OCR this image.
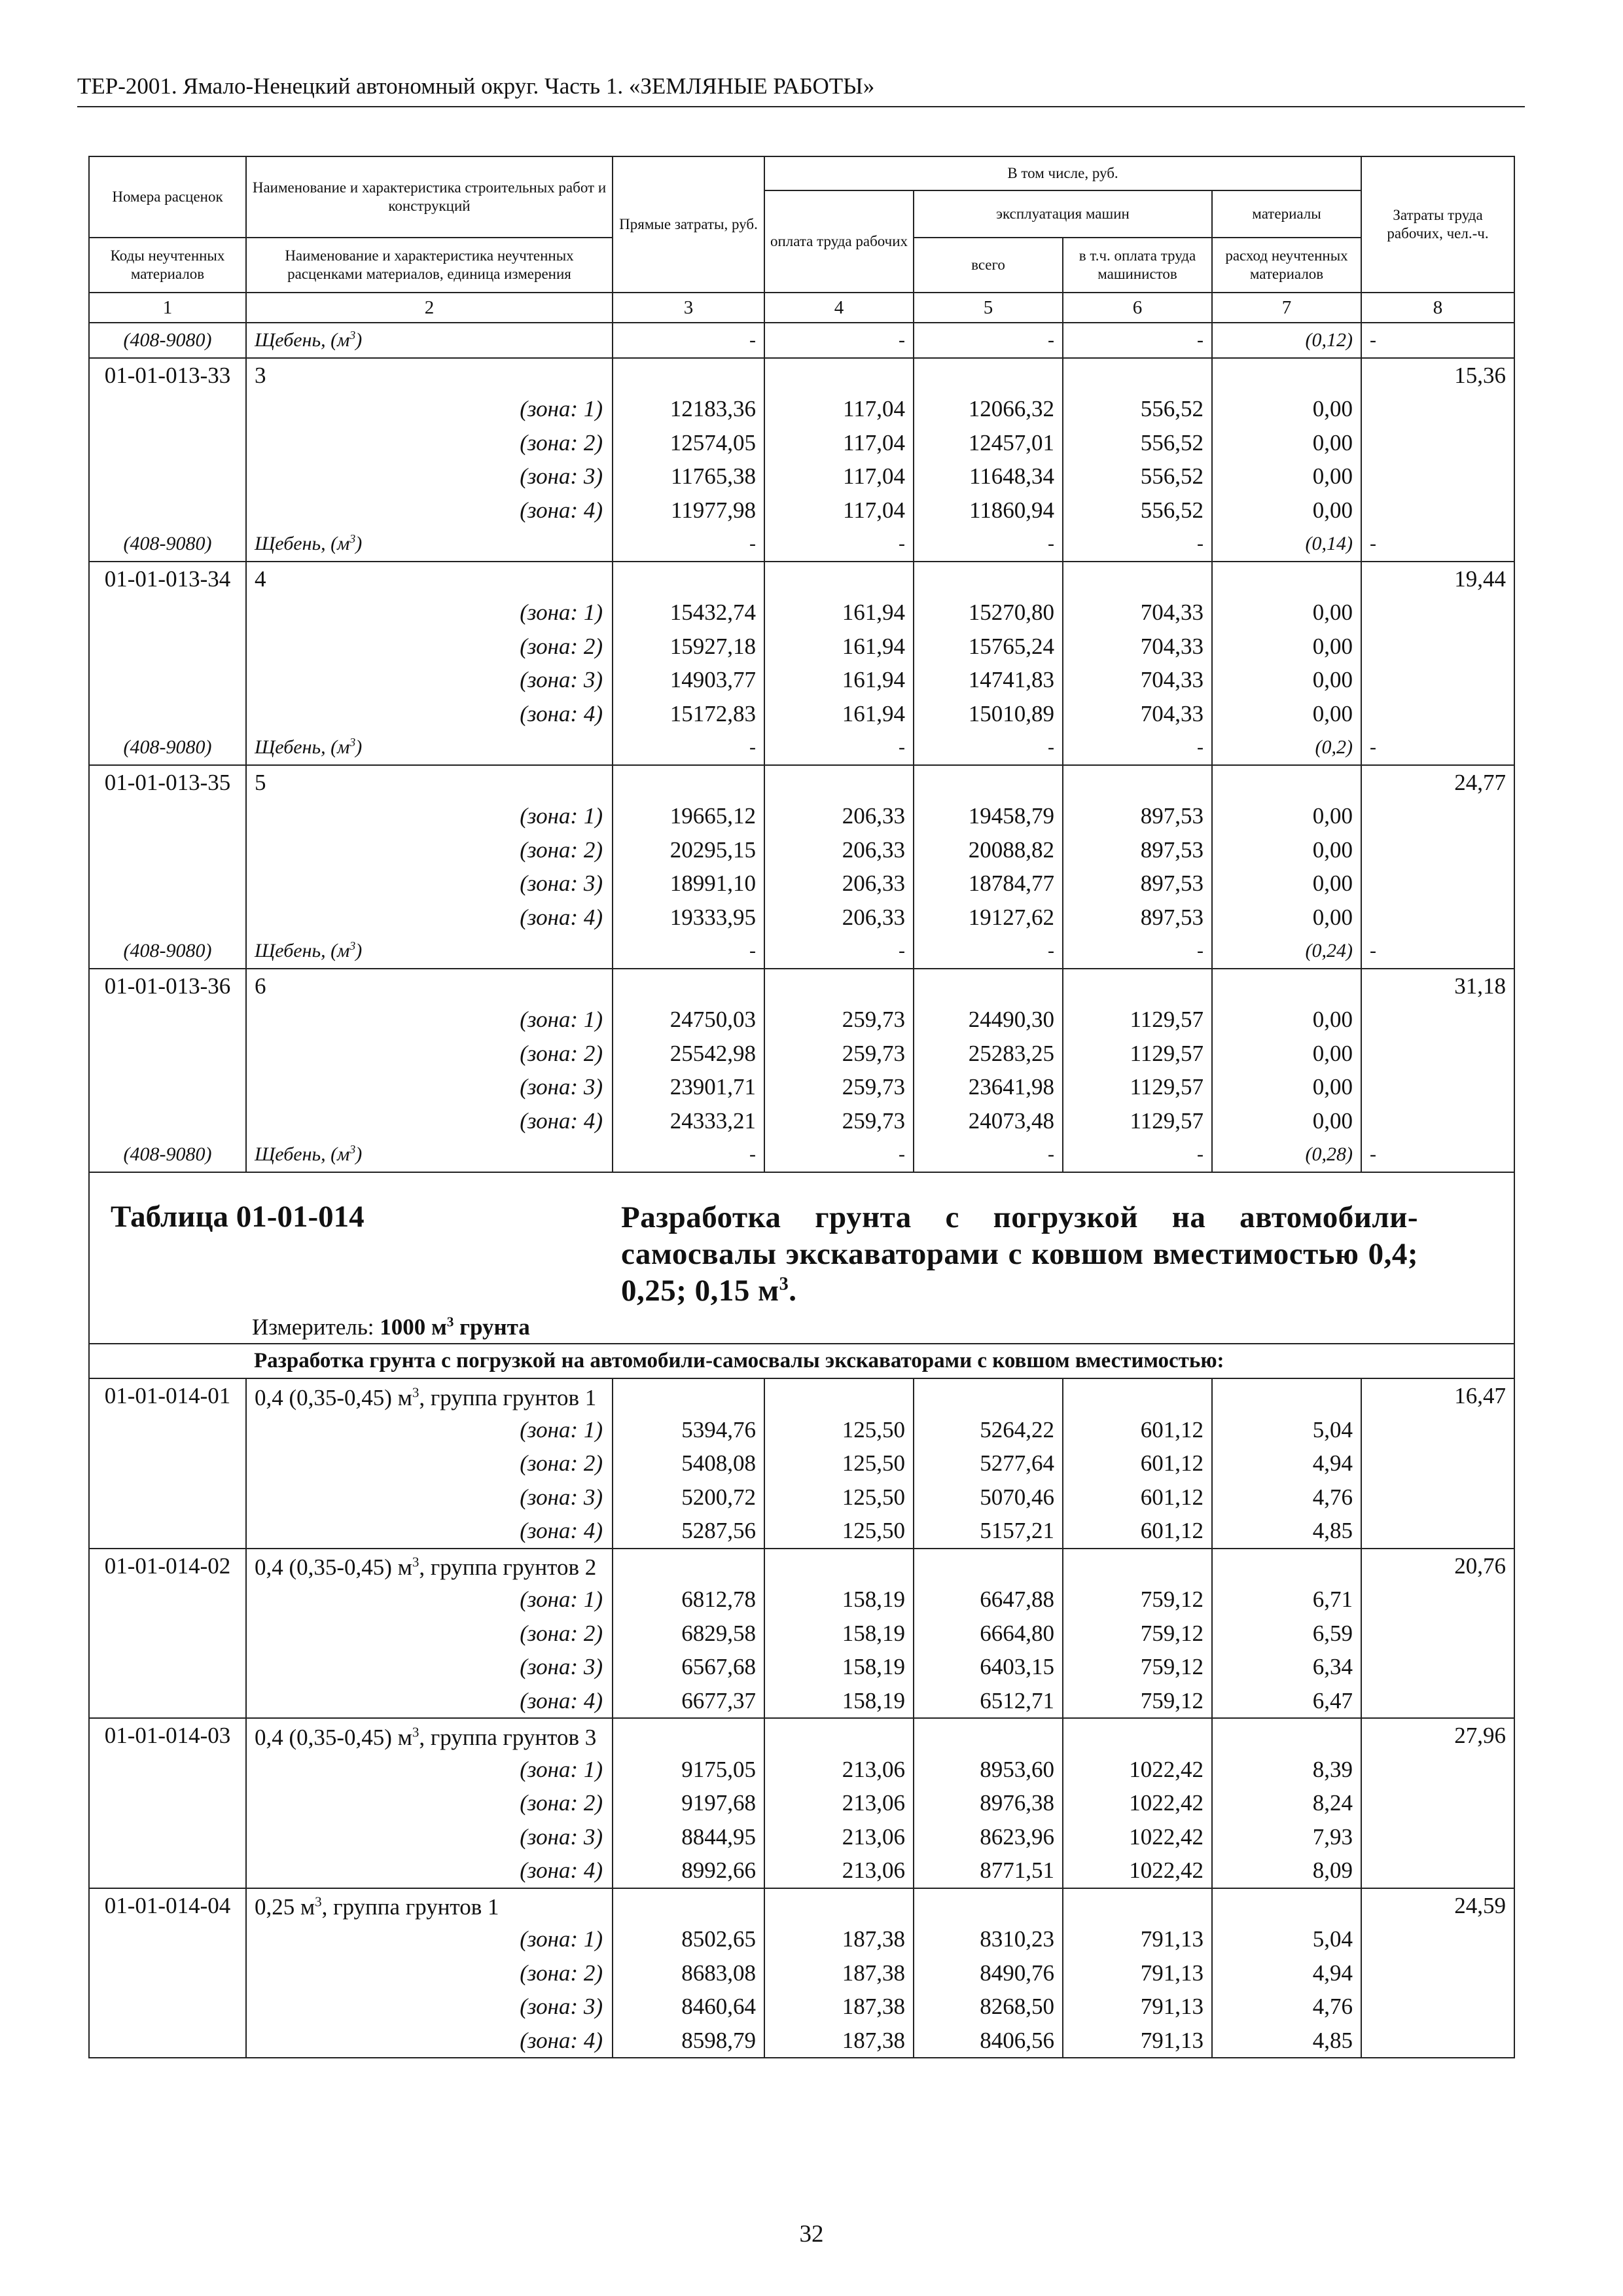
ТЕР-2001. Ямало-Ненецкий автономный округ. Часть 1. «ЗЕМЛЯНЫЕ РАБОТЫ»
Номера расценок	Наименование и характеристика строительных работ и конструкций	Прямые затраты, руб.	В том числе, руб.				Затраты труда рабочих, чел.-ч.
			оплата труда рабочих	эксплуатация машин		материалы	
Коды неучтенных материалов	Наименование и характеристика неучтенных расценками материалов, единица измерения			всего	в т.ч. оплата труда машинистов	расход неучтенных материалов	

1	2	3	4	5	6	7	8
(408-9080)	Щебень, $(м^3)$	-	-	-	-	(0,12)	-
01-01-013-33	3						15,36
	(зона: 1)	12183,36	117,04	12066,32	556,52	0,00	
	(зона: 2)	12574,05	117,04	12457,01	556,52	0,00	
	(зона: 3)	11765,38	117,04	11648,34	556,52	0,00	
	(зона: 4)	11977,98	117,04	11860,94	556,52	0,00	
(408-9080)	Щебень, $(м^3)$	-	-	-	-	(0,14)	-
01-01-013-34	4						19,44
	(зона: 1)	15432,74	161,94	15270,80	704,33	0,00	
	(зона: 2)	15927,18	161,94	15765,24	704,33	0,00	
	(зона: 3)	14903,77	161,94	14741,83	704,33	0,00	
	(зона: 4)	15172,83	161,94	15010,89	704,33	0,00	
(408-9080)	Щебень, $(м^3)$	-	-	-	-	(0,2)	-
01-01-013-35	5						24,77
	(зона: 1)	19665,12	206,33	19458,79	897,53	0,00	
	(зона: 2)	20295,15	206,33	20088,82	897,53	0,00	
	(зона: 3)	18991,10	206,33	18784,77	897,53	0,00	
	(зона: 4)	19333,95	206,33	19127,62	897,53	0,00	
(408-9080)	Щебень, $(м^3)$	-	-	-	-	(0,24)	-
01-01-013-36	6						31,18
	(зона: 1)	24750,03	259,73	24490,30	1129,57	0,00	
	(зона: 2)	25542,98	259,73	25283,25	1129,57	0,00	
	(зона: 3)	23901,71	259,73	23641,98	1129,57	0,00	
	(зона: 4)	24333,21	259,73	24073,48	1129,57	0,00	
(408-9080)	Щебень, $(м^3)$	-	-	-	-	(0,28)	-

Таблица 01-01-014 Разработка грунта с погрузкой на автомобили-самосвалы экскаваторами с ковшом вместимостью 0,4; 0,25; 0,15 $м^3$.
Измеритель: 1000 $м^3$ грунта							

	Разработка грунта с погрузкой на автомобили-самосвалы экскаваторами с ковшом вместимостью:						
01-01-014-01	0,4 (0,35-0,45) $м^3$, группа грунтов 1						16,47
	(зона: 1)	5394,76	125,50	5264,22	601,12	5,04	
	(зона: 2)	5408,08	125,50	5277,64	601,12	4,94	
	(зона: 3)	5200,72	125,50	5070,46	601,12	4,76	
	(зона: 4)	5287,56	125,50	5157,21	601,12	4,85	
01-01-014-02	0,4 (0,35-0,45) $м^3$, группа грунтов 2						20,76
	(зона: 1)	6812,78	158,19	6647,88	759,12	6,71	
	(зона: 2)	6829,58	158,19	6664,80	759,12	6,59	
	(зона: 3)	6567,68	158,19	6403,15	759,12	6,34	
	(зона: 4)	6677,37	158,19	6512,71	759,12	6,47	
01-01-014-03	0,4 (0,35-0,45) $м^3$, группа грунтов 3						27,96
	(зона: 1)	9175,05	213,06	8953,60	1022,42	8,39	
	(зона: 2)	9197,68	213,06	8976,38	1022,42	8,24	
	(зона: 3)	8844,95	213,06	8623,96	1022,42	7,93	
	(зона: 4)	8992,66	213,06	8771,51	1022,42	8,09	
01-01-014-04	0,25 $м^3$, группа грунтов 1						24,59
	(зона: 1)	8502,65	187,38	8310,23	791,13	5,04	
	(зона: 2)	8683,08	187,38	8490,76	791,13	4,94	
	(зона: 3)	8460,64	187,38	8268,50	791,13	4,76	
	(зона: 4)	8598,79	187,38	8406,56	791,13	4,85	
32
